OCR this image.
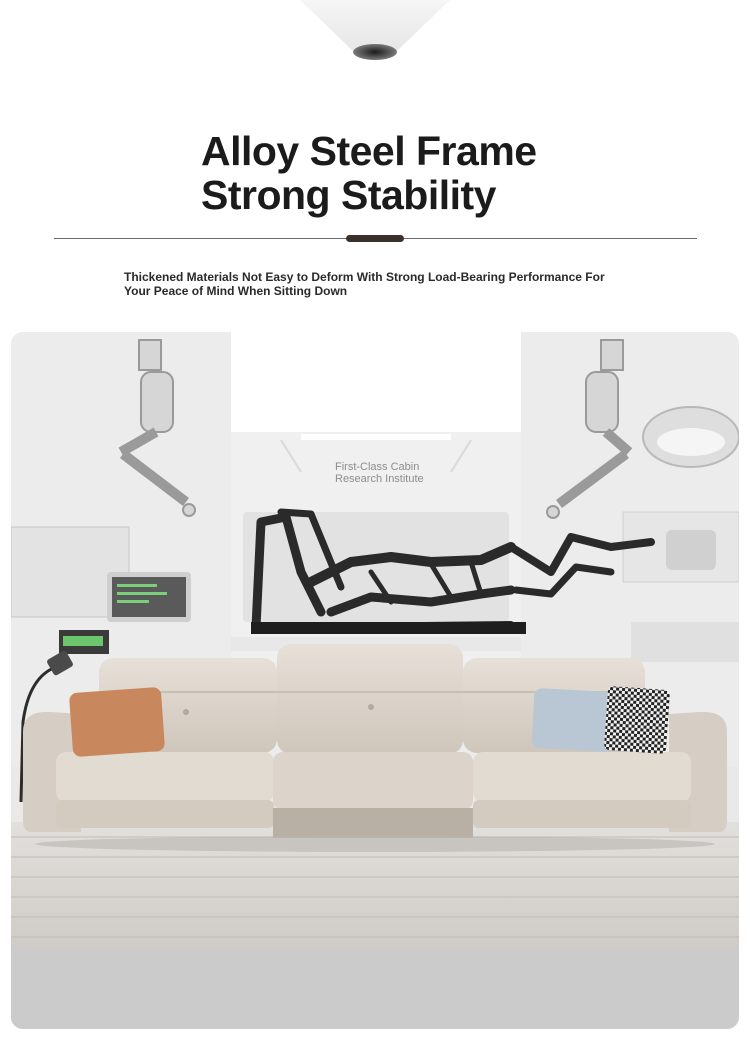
Alloy Steel Frame
Strong Stability
Thickened Materials Not Easy to Deform With Strong Load-Bearing Performance For Your Peace of Mind When Sitting Down
First-Class Cabin Research Institute
